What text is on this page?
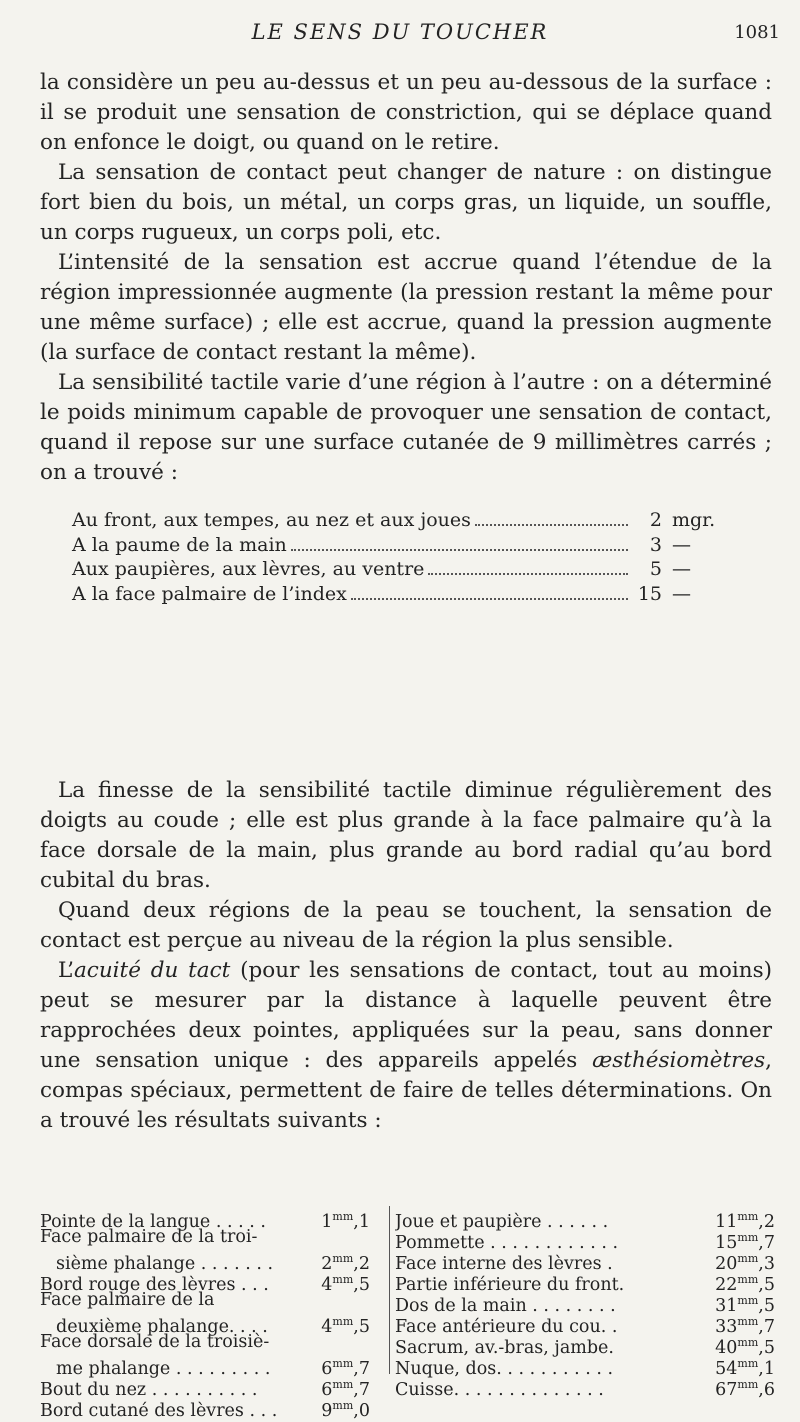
LE SENS DU TOUCHER	1081

la considère un peu au-dessus et un peu au-dessous de la surface : il se produit une sensation de constriction, qui se déplace quand on enfonce le doigt, ou quand on le retire.

La sensation de contact peut changer de nature : on distingue fort bien du bois, un métal, un corps gras, un liquide, un souffle, un corps rugueux, un corps poli, etc.

L’intensité de la sensation est accrue quand l’étendue de la région impressionnée augmente (la pression restant la même pour une même surface) ; elle est accrue, quand la pression augmente (la surface de contact restant la même).

La sensibilité tactile varie d’une région à l’autre : on a déterminé le poids minimum capable de provoquer une sensation de contact, quand il repose sur une surface cutanée de 9 millimètres carrés ; on a trouvé :

Au front, aux tempes, au nez et aux joues	2 mgr.
A la paume de la main	3 —
Aux paupières, aux lèvres, au ventre	5 —
A la face palmaire de l’index	15 —

La finesse de la sensibilité tactile diminue régulièrement des doigts au coude ; elle est plus grande à la face palmaire qu’à la face dorsale de la main, plus grande au bord radial qu’au bord cubital du bras.

Quand deux régions de la peau se touchent, la sensation de contact est perçue au niveau de la région la plus sensible.

L’acuité du tact (pour les sensations de contact, tout au moins) peut se mesurer par la distance à laquelle peuvent être rapprochées deux pointes, appliquées sur la peau, sans donner une sensation unique : des appareils appelés æsthésiomètres, compas spéciaux, permettent de faire de telles déterminations. On a trouvé les résultats suivants :

Pointe de la langue . . . . .	$1^{mm},1$
Face palmaire de la troi-
sième phalange . . . . . . .	$2^{mm},2$
Bord rouge des lèvres . . .	$4^{mm},5$
Face palmaire de la
deuxième phalange. . . .	$4^{mm},5$
Face dorsale de la troisiè-
me phalange . . . . . . . . .	$6^{mm},7$
Bout du nez . . . . . . . . . .	$6^{mm},7$
Bord cutané des lèvres . . .	$9^{mm},0$
Joue et paupière . . . . . .	$11^{mm},2$
Pommette . . . . . . . . . . . .	$15^{mm},7$
Face interne des lèvres .	$20^{mm},3$
Partie inférieure du front.	$22^{mm},5$
Dos de la main . . . . . . . .	$31^{mm},5$
Face antérieure du cou. .	$33^{mm},7$
Sacrum, av.-bras, jambe.	$40^{mm},5$
Nuque, dos. . . . . . . . . . .	$54^{mm},1$
Cuisse. . . . . . . . . . . . . .	$67^{mm},6$
